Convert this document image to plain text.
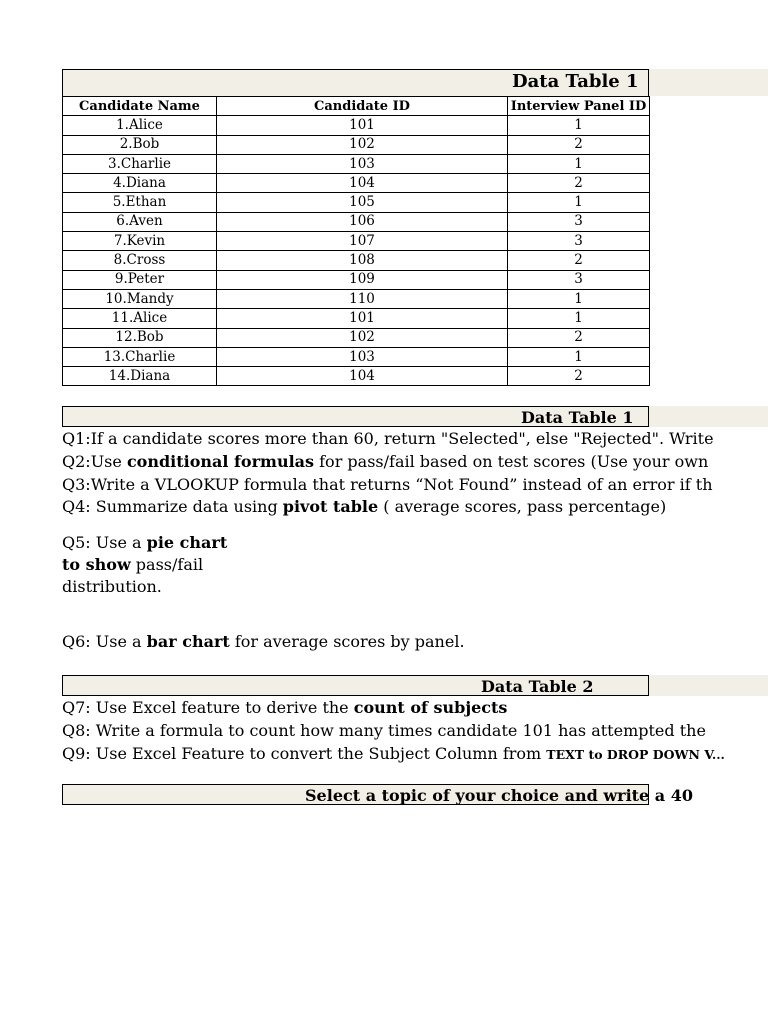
Data Table 1
Candidate Name	Candidate ID	Interview Panel ID
1.Alice	101	1
2.Bob	102	2
3.Charlie	103	1
4.Diana	104	2
5.Ethan	105	1
6.Aven	106	3
7.Kevin	107	3
8.Cross	108	2
9.Peter	109	3
10.Mandy	110	1
11.Alice	101	1
12.Bob	102	2
13.Charlie	103	1
14.Diana	104	2
Data Table 1
Q1:If a candidate scores more than 60, return "Selected", else "Rejected". Write
Q2:Use conditional formulas for pass/fail based on test scores (Use your own
Q3:Write a VLOOKUP formula that returns “Not Found” instead of an error if th
Q4: Summarize data using pivot table ( average scores, pass percentage)
Q5: Use a pie chart
to show pass/fail
distribution.
Q6: Use a bar chart for average scores by panel.
Data Table 2
Q7: Use Excel feature to derive the count of subjects
Q8: Write a formula to count how many times candidate 101 has attempted the
Q9: Use Excel Feature to convert the Subject Column from TEXT to DROP DOWN V...
Select a topic of your choice and write a 40
